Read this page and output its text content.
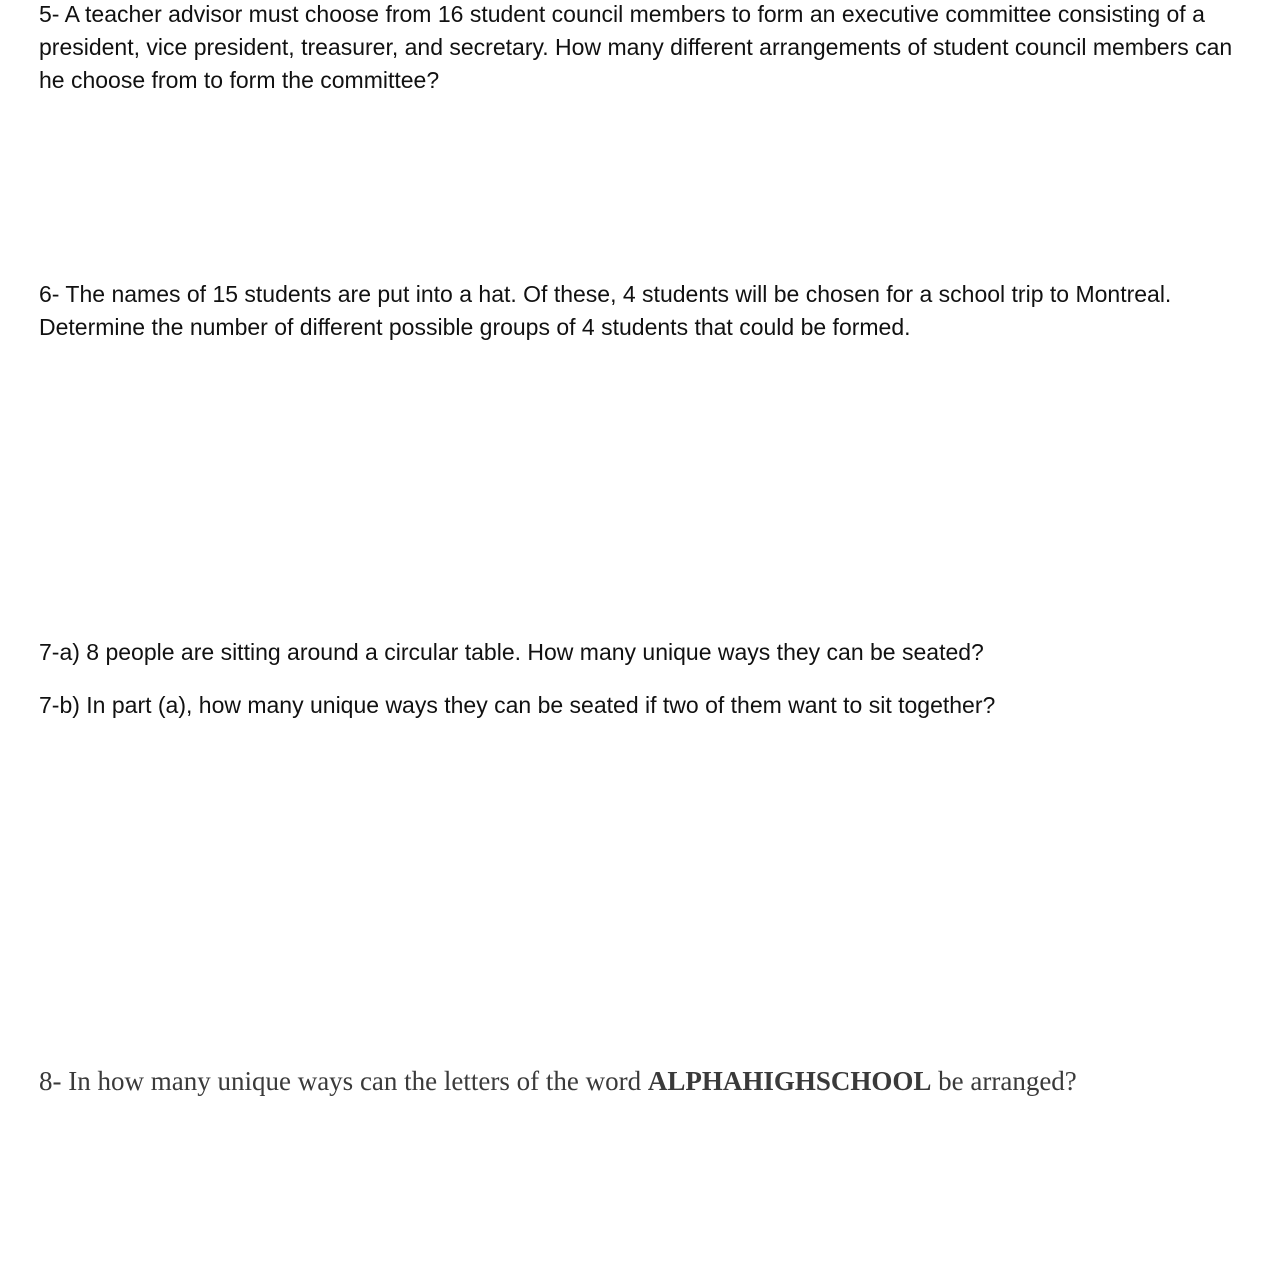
5- A teacher advisor must choose from 16 student council members to form an executive committee consisting of a president, vice president, treasurer, and secretary. How many different arrangements of student council members can he choose from to form the committee?

6- The names of 15 students are put into a hat. Of these, 4 students will be chosen for a school trip to Montreal. Determine the number of different possible groups of 4 students that could be formed.

7-a) 8 people are sitting around a circular table. How many unique ways they can be seated?

7-b) In part (a), how many unique ways they can be seated if two of them want to sit together?

8- In how many unique ways can the letters of the word ALPHAHIGHSCHOOL be arranged?
